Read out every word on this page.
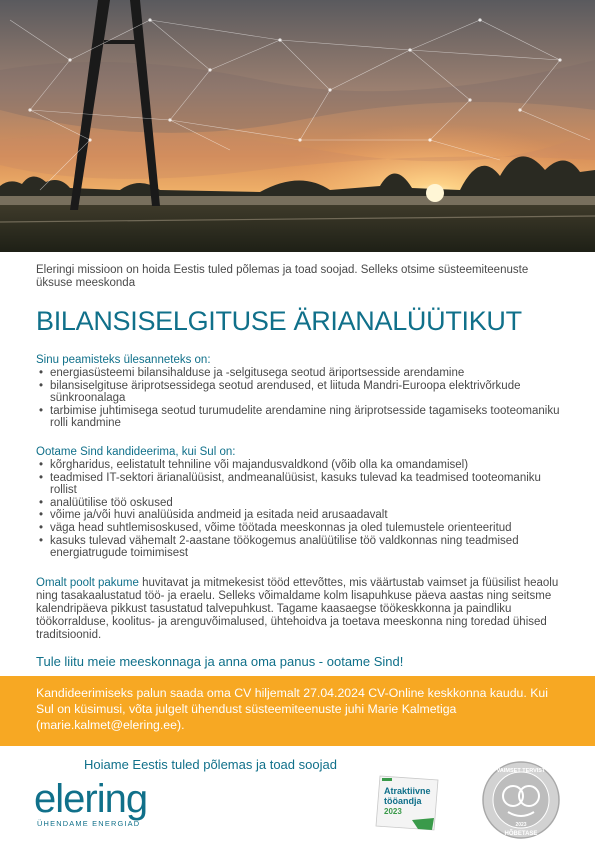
Eleringi missioon on hoida Eestis tuled põlemas ja toad soojad. Selleks otsime süsteemiteenuste üksuse meeskonda

BILANSISELGITUSE ÄRIANALÜÜTIKUT
Sinu peamisteks ülesanneteks on:
• energiasüsteemi bilansihalduse ja -selgitusega seotud äriportsesside arendamine
• bilansiselgituse äriprotsessidega seotud arendused, et liituda Mandri-Euroopa elektrivõrkude sünkroonalaga
• tarbimise juhtimisega seotud turumudelite arendamine ning äriprotsesside tagamiseks tooteomaniku rolli kandmine
Ootame Sind kandideerima, kui Sul on:
• kõrgharidus, eelistatult tehniline või majandusvaldkond (võib olla ka omandamisel)
• teadmised IT-sektori ärianalüüsist, andmeanalüüsist, kasuks tulevad ka teadmised tooteomaniku rollist
• analüütilise töö oskused
• võime ja/või huvi analüüsida andmeid ja esitada neid arusaadavalt
• väga head suhtlemisoskused, võime töötada meeskonnas ja oled tulemustele orienteeritud
• kasuks tulevad vähemalt 2-aastane töökogemus analüütilise töö valdkonnas ning teadmised energiatrugude toimimisest

Omalt poolt pakume huvitavat ja mitmekesist tööd ettevõttes, mis väärtustab vaimset ja füüsilist heaolu ning tasakaalustatud töö- ja eraelu. Selleks võimaldame kolm lisapuhkuse päeva aastas ning seitsme kalendripäeva pikkust tasustatud talvepuhkust. Tagame kaasaegse töökeskkonna ja paindliku töökorralduse, koolitus- ja arenguvõimalused, ühtehoidva ja toetava meeskonna ning toredad ühised traditsioonid.

Tule liitu meie meeskonnaga ja anna oma panus - ootame Sind!

Kandideerimiseks palun saada oma CV hiljemalt 27.04.2024 CV-Online keskkonna kaudu. Kui Sul on küsimusi, võta julgelt ühendust süsteemiteenuste juhi Marie Kalmetiga (marie.kalmet@elering.ee).

Hoiame Eestis tuled põlemas ja toad soojad
elering
ÜHENDAME ENERGIAD
Atraktiivne
tööandja
2023
VAIMSET TERVIST
2023
HÕBETASE
